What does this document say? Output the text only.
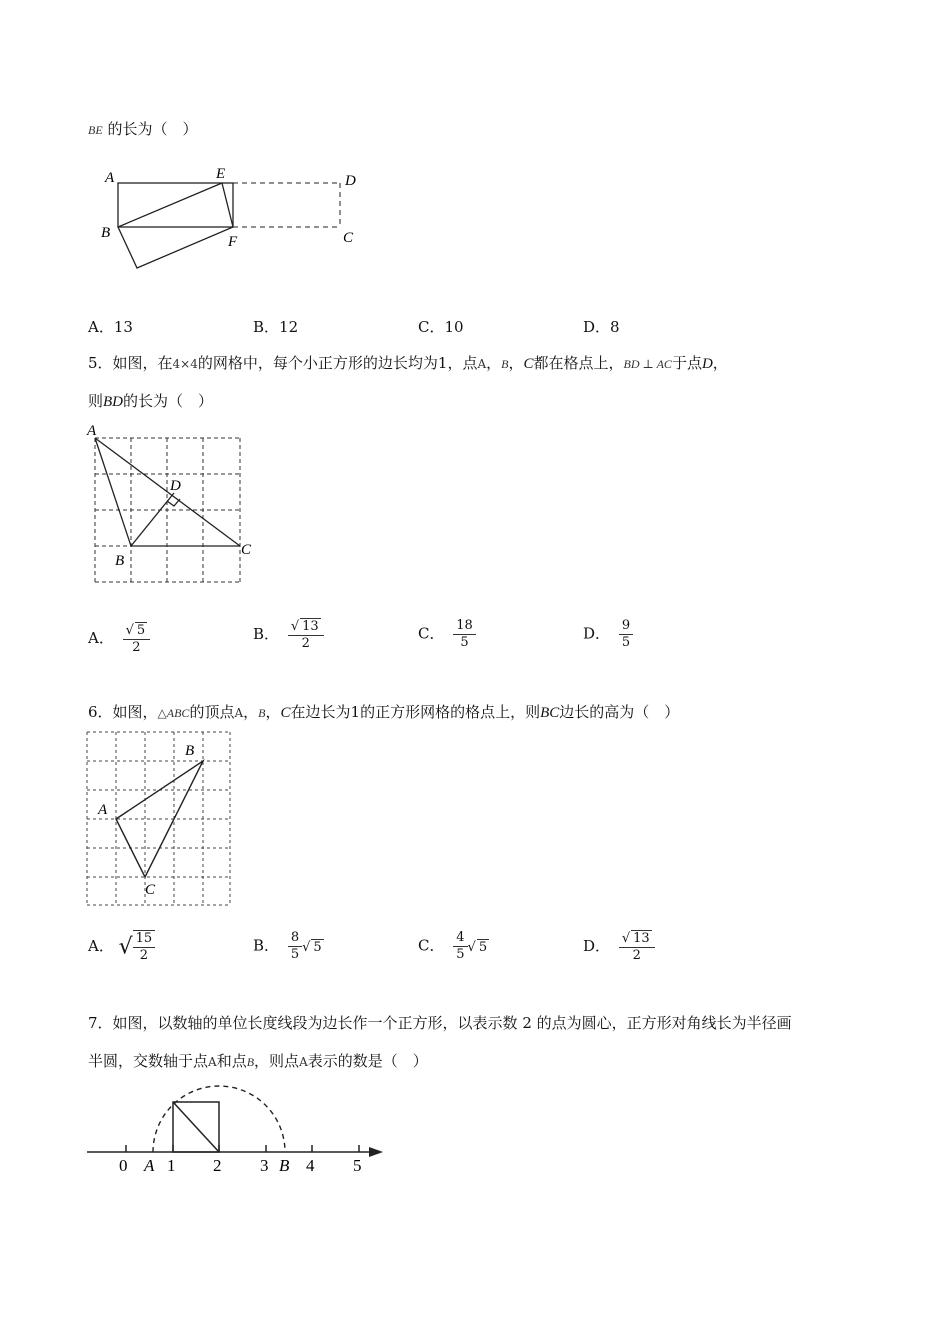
BE 的长为（　）
A	E	D
B
F	C
A．13	B．12	C．10	D．8
5．如图，在4×4的网格中，每个小正方形的边长均为1，点A，B，C都在格点上，BD ⊥ AC于点D，
则BD的长为（　）
A
D
B
C
A． $\frac{√ 5}{2}$	B． $\frac{√ 13}{2}$	C． $\frac{18}{5}$	D． $\frac{9}{5}$
6．如图，△ABC的顶点A，B，C在边长为1的正方形网格的格点上，则BC边长的高为（　）
A
B
C
A． √ $\frac{15}{2}$	B． $\frac{8}{5}$ √ 5	C． $\frac{4}{5}$ √ 5	D． $\frac{√ 13}{2}$
7．如图，以数轴的单位长度线段为边长作一个正方形，以表示数 2 的点为圆心，正方形对角线长为半径画
半圆，交数轴于点A和点B，则点A表示的数是（　）
0 A 1 2 3 B 4 5
